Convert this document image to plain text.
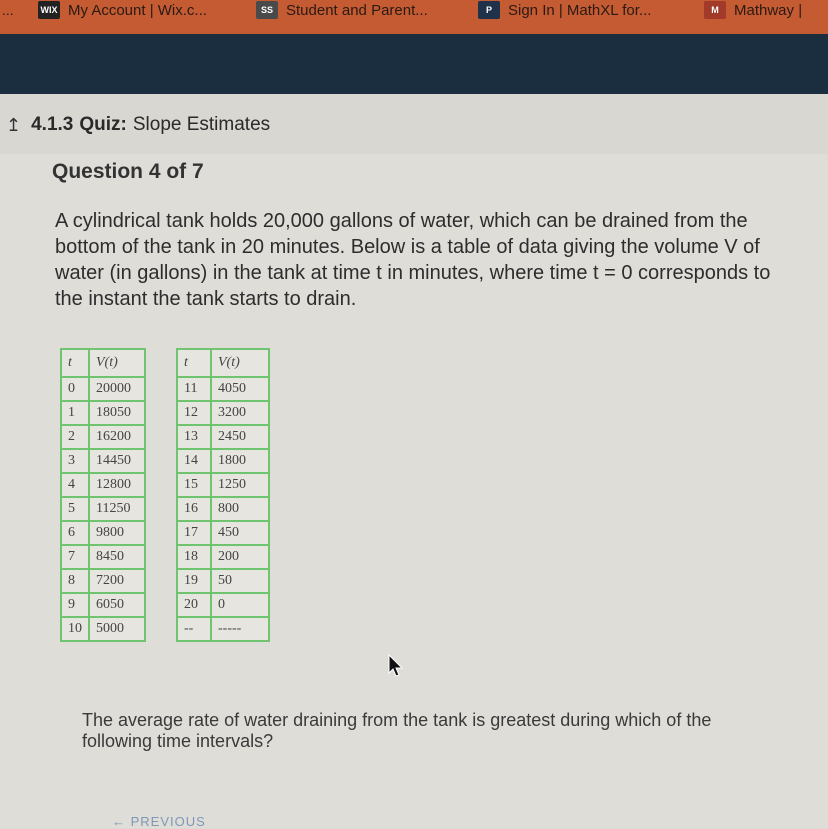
...	WIX My Account | Wix.c...	SS Student and Parent...	P	Sign In | MathXL for...	M	Mathway |
↥ 4.1.3 Quiz: Slope Estimates
Question 4 of 7
A cylindrical tank holds 20,000 gallons of water, which can be drained from the bottom of the tank in 20 minutes. Below is a table of data giving the volume V of water (in gallons) in the tank at time t in minutes, where time t = 0 corresponds to the instant the tank starts to drain.
t	V(t)
0	20000
1	18050
2	16200
3	14450
4	12800
5	11250
6	9800
7	8450
8	7200
9	6050
10	5000
t	V(t)
11	4050
12	3200
13	2450
14	1800
15	1250
16	800
17	450
18	200
19	50
20	0
--	-----
The average rate of water draining from the tank is greatest during which of the following time intervals?
← PREVIOUS
